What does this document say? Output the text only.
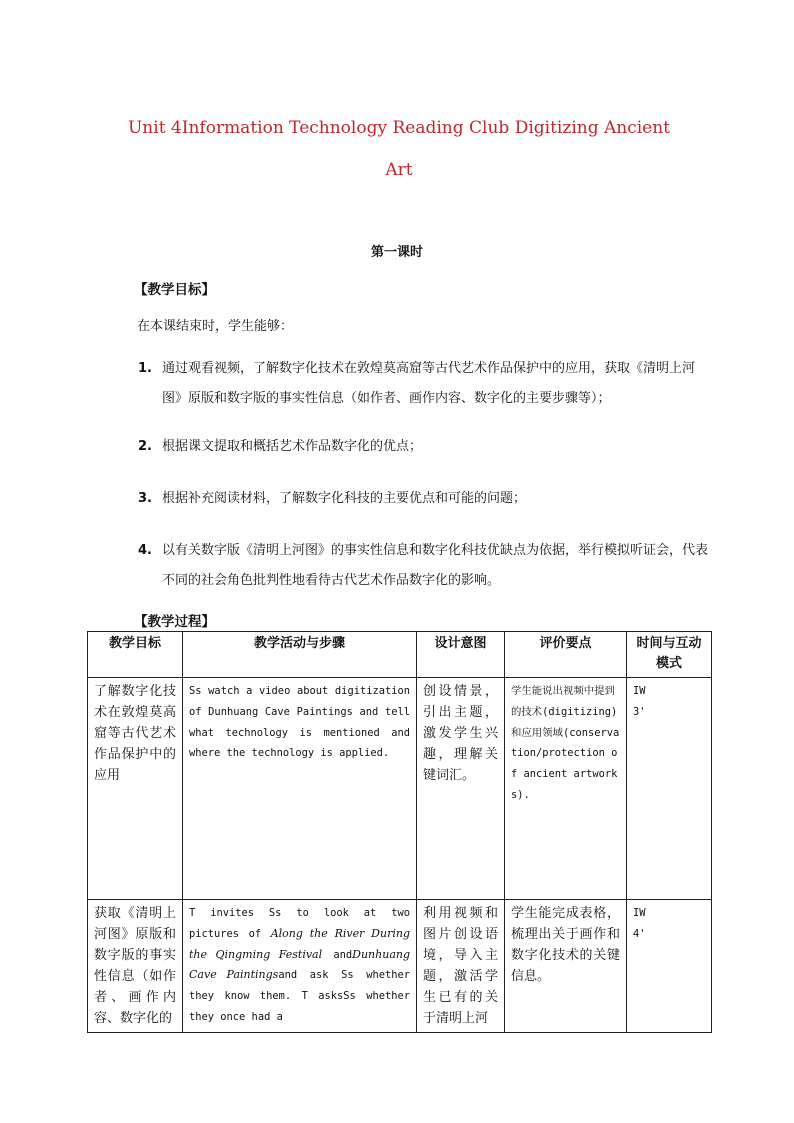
Unit 4Information Technology Reading Club Digitizing Ancient
Art
第一课时
【教学目标】
在本课结束时，学生能够：
1. 通过观看视频，了解数字化技术在敦煌莫高窟等古代艺术作品保护中的应用，获取《清明上河图》原版和数字版的事实性信息（如作者、画作内容、数字化的主要步骤等）；
2. 根据课文提取和概括艺术作品数字化的优点；
3. 根据补充阅读材料，了解数字化科技的主要优点和可能的问题；
4. 以有关数字版《清明上河图》的事实性信息和数字化科技优缺点为依据，举行模拟听证会，代表不同的社会角色批判性地看待古代艺术作品数字化的影响。
【教学过程】
教学目标	教学活动与步骤	设计意图	评价要点	时间与互动模式
了解数字化技术在敦煌莫高窟等古代艺术作品保护中的应用	Ss watch a video about digitization of Dunhuang Cave Paintings and tell what technology is mentioned and where the technology is applied.	创设情景，引出主题，激发学生兴趣，理解关键词汇。	学生能说出视频中提到的技术(digitizing)和应用领域(conservation/protection of ancient artworks).	IW
3'

获取《清明上河图》原版和数字版的事实性信息（如作者、画作内容、数字化的	T invites Ss to look at two pictures of Along the River During the Qingming Festival andDunhuang Cave Paintingsand ask Ss whether they know them. T asksSs whether they once had a	利用视频和图片创设语境，导入主题，激活学生已有的关于清明上河	学生能完成表格，梳理出关于画作和数字化技术的关键信息。	IW
4'
